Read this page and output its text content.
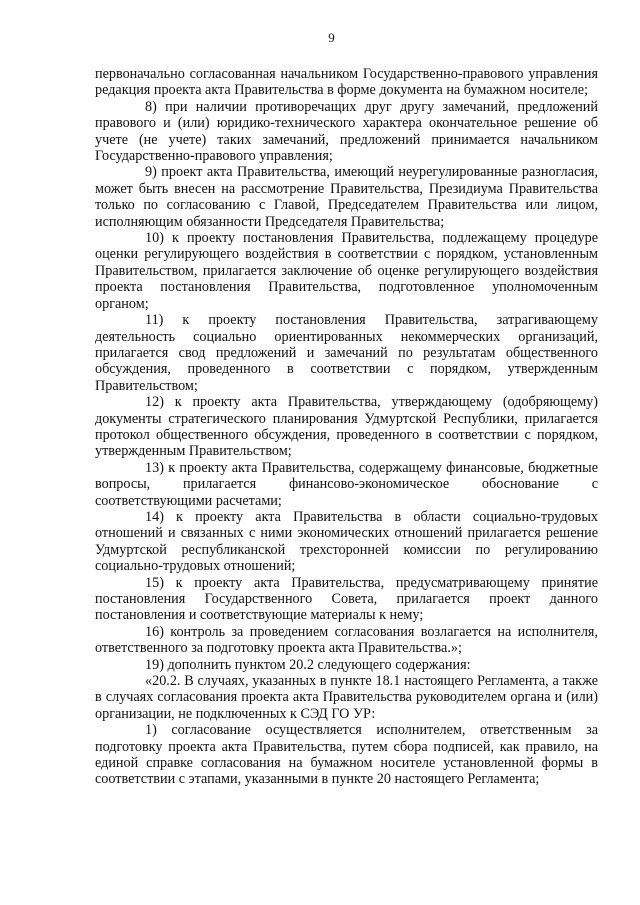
9

первоначально согласованная начальником Государственно-правового управления редакция проекта акта Правительства в форме документа на бумажном носителе;

8) при наличии противоречащих друг другу замечаний, предложений правового и (или) юридико-технического характера окончательное решение об учете (не учете) таких замечаний, предложений принимается начальником Государственно-правового управления;

9) проект акта Правительства, имеющий неурегулированные разногласия, может быть внесен на рассмотрение Правительства, Президиума Правительства только по согласованию с Главой, Председателем Правительства или лицом, исполняющим обязанности Председателя Правительства;

10) к проекту постановления Правительства, подлежащему процедуре оценки регулирующего воздействия в соответствии с порядком, установленным Правительством, прилагается заключение об оценке регулирующего воздействия проекта постановления Правительства, подготовленное уполномоченным органом;

11) к проекту постановления Правительства, затрагивающему деятельность социально ориентированных некоммерческих организаций, прилагается свод предложений и замечаний по результатам общественного обсуждения, проведенного в соответствии с порядком, утвержденным Правительством;

12) к проекту акта Правительства, утверждающему (одобряющему) документы стратегического планирования Удмуртской Республики, прилагается протокол общественного обсуждения, проведенного в соответствии с порядком, утвержденным Правительством;

13) к проекту акта Правительства, содержащему финансовые, бюджетные вопросы, прилагается финансово-экономическое обоснование с соответствующими расчетами;

14) к проекту акта Правительства в области социально-трудовых отношений и связанных с ними экономических отношений прилагается решение Удмуртской республиканской трехсторонней комиссии по регулированию социально-трудовых отношений;

15) к проекту акта Правительства, предусматривающему принятие постановления Государственного Совета, прилагается проект данного постановления и соответствующие материалы к нему;

16) контроль за проведением согласования возлагается на исполнителя, ответственного за подготовку проекта акта Правительства.»;

19) дополнить пунктом 20.2 следующего содержания:

«20.2. В случаях, указанных в пункте 18.1 настоящего Регламента, а также в случаях согласования проекта акта Правительства руководителем органа и (или) организации, не подключенных к СЭД ГО УР:

1) согласование осуществляется исполнителем, ответственным за подготовку проекта акта Правительства, путем сбора подписей, как правило, на единой справке согласования на бумажном носителе установленной формы в соответствии с этапами, указанными в пункте 20 настоящего Регламента;
